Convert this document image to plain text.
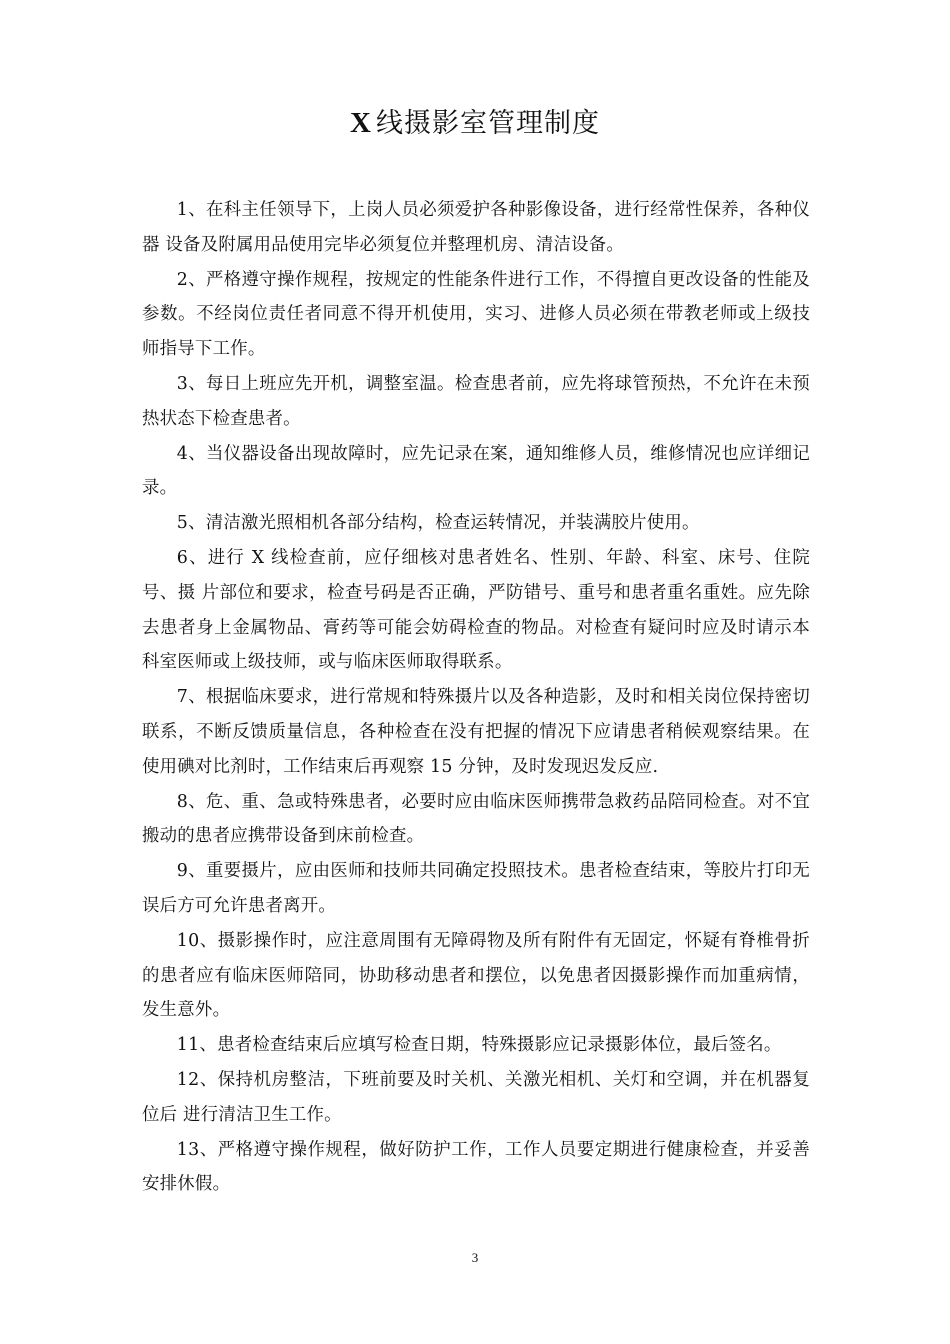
X 线摄影室管理制度

1、在科主任领导下，上岗人员必须爱护各种影像设备，进行经常性保养，各种仪器 设备及附属用品使用完毕必须复位并整理机房、清洁设备。

2、严格遵守操作规程，按规定的性能条件进行工作，不得擅自更改设备的性能及参数。不经岗位责任者同意不得开机使用，实习、进修人员必须在带教老师或上级技师指导下工作。

3、每日上班应先开机，调整室温。检查患者前，应先将球管预热，不允许在未预热状态下检查患者。

4、当仪器设备出现故障时，应先记录在案，通知维修人员，维修情况也应详细记录。

5、清洁激光照相机各部分结构，检查运转情况，并装满胶片使用。

6、进行 X 线检查前，应仔细核对患者姓名、性别、年龄、科室、床号、住院号、摄 片部位和要求，检查号码是否正确，严防错号、重号和患者重名重姓。应先除去患者身上金属物品、膏药等可能会妨碍检查的物品。对检查有疑问时应及时请示本科室医师或上级技师，或与临床医师取得联系。

7、根据临床要求，进行常规和特殊摄片以及各种造影，及时和相关岗位保持密切联系，不断反馈质量信息，各种检查在没有把握的情况下应请患者稍候观察结果。在使用碘对比剂时，工作结束后再观察 15 分钟，及时发现迟发反应.

8、危、重、急或特殊患者，必要时应由临床医师携带急救药品陪同检查。对不宜搬动的患者应携带设备到床前检查。

9、重要摄片，应由医师和技师共同确定投照技术。患者检查结束，等胶片打印无误后方可允许患者离开。

10、摄影操作时，应注意周围有无障碍物及所有附件有无固定，怀疑有脊椎骨折的患者应有临床医师陪同，协助移动患者和摆位，以免患者因摄影操作而加重病情，发生意外。

11、患者检查结束后应填写检查日期，特殊摄影应记录摄影体位，最后签名。

12、保持机房整洁，下班前要及时关机、关激光相机、关灯和空调，并在机器复位后 进行清洁卫生工作。

13、严格遵守操作规程，做好防护工作，工作人员要定期进行健康检查，并妥善安排休假。

3
